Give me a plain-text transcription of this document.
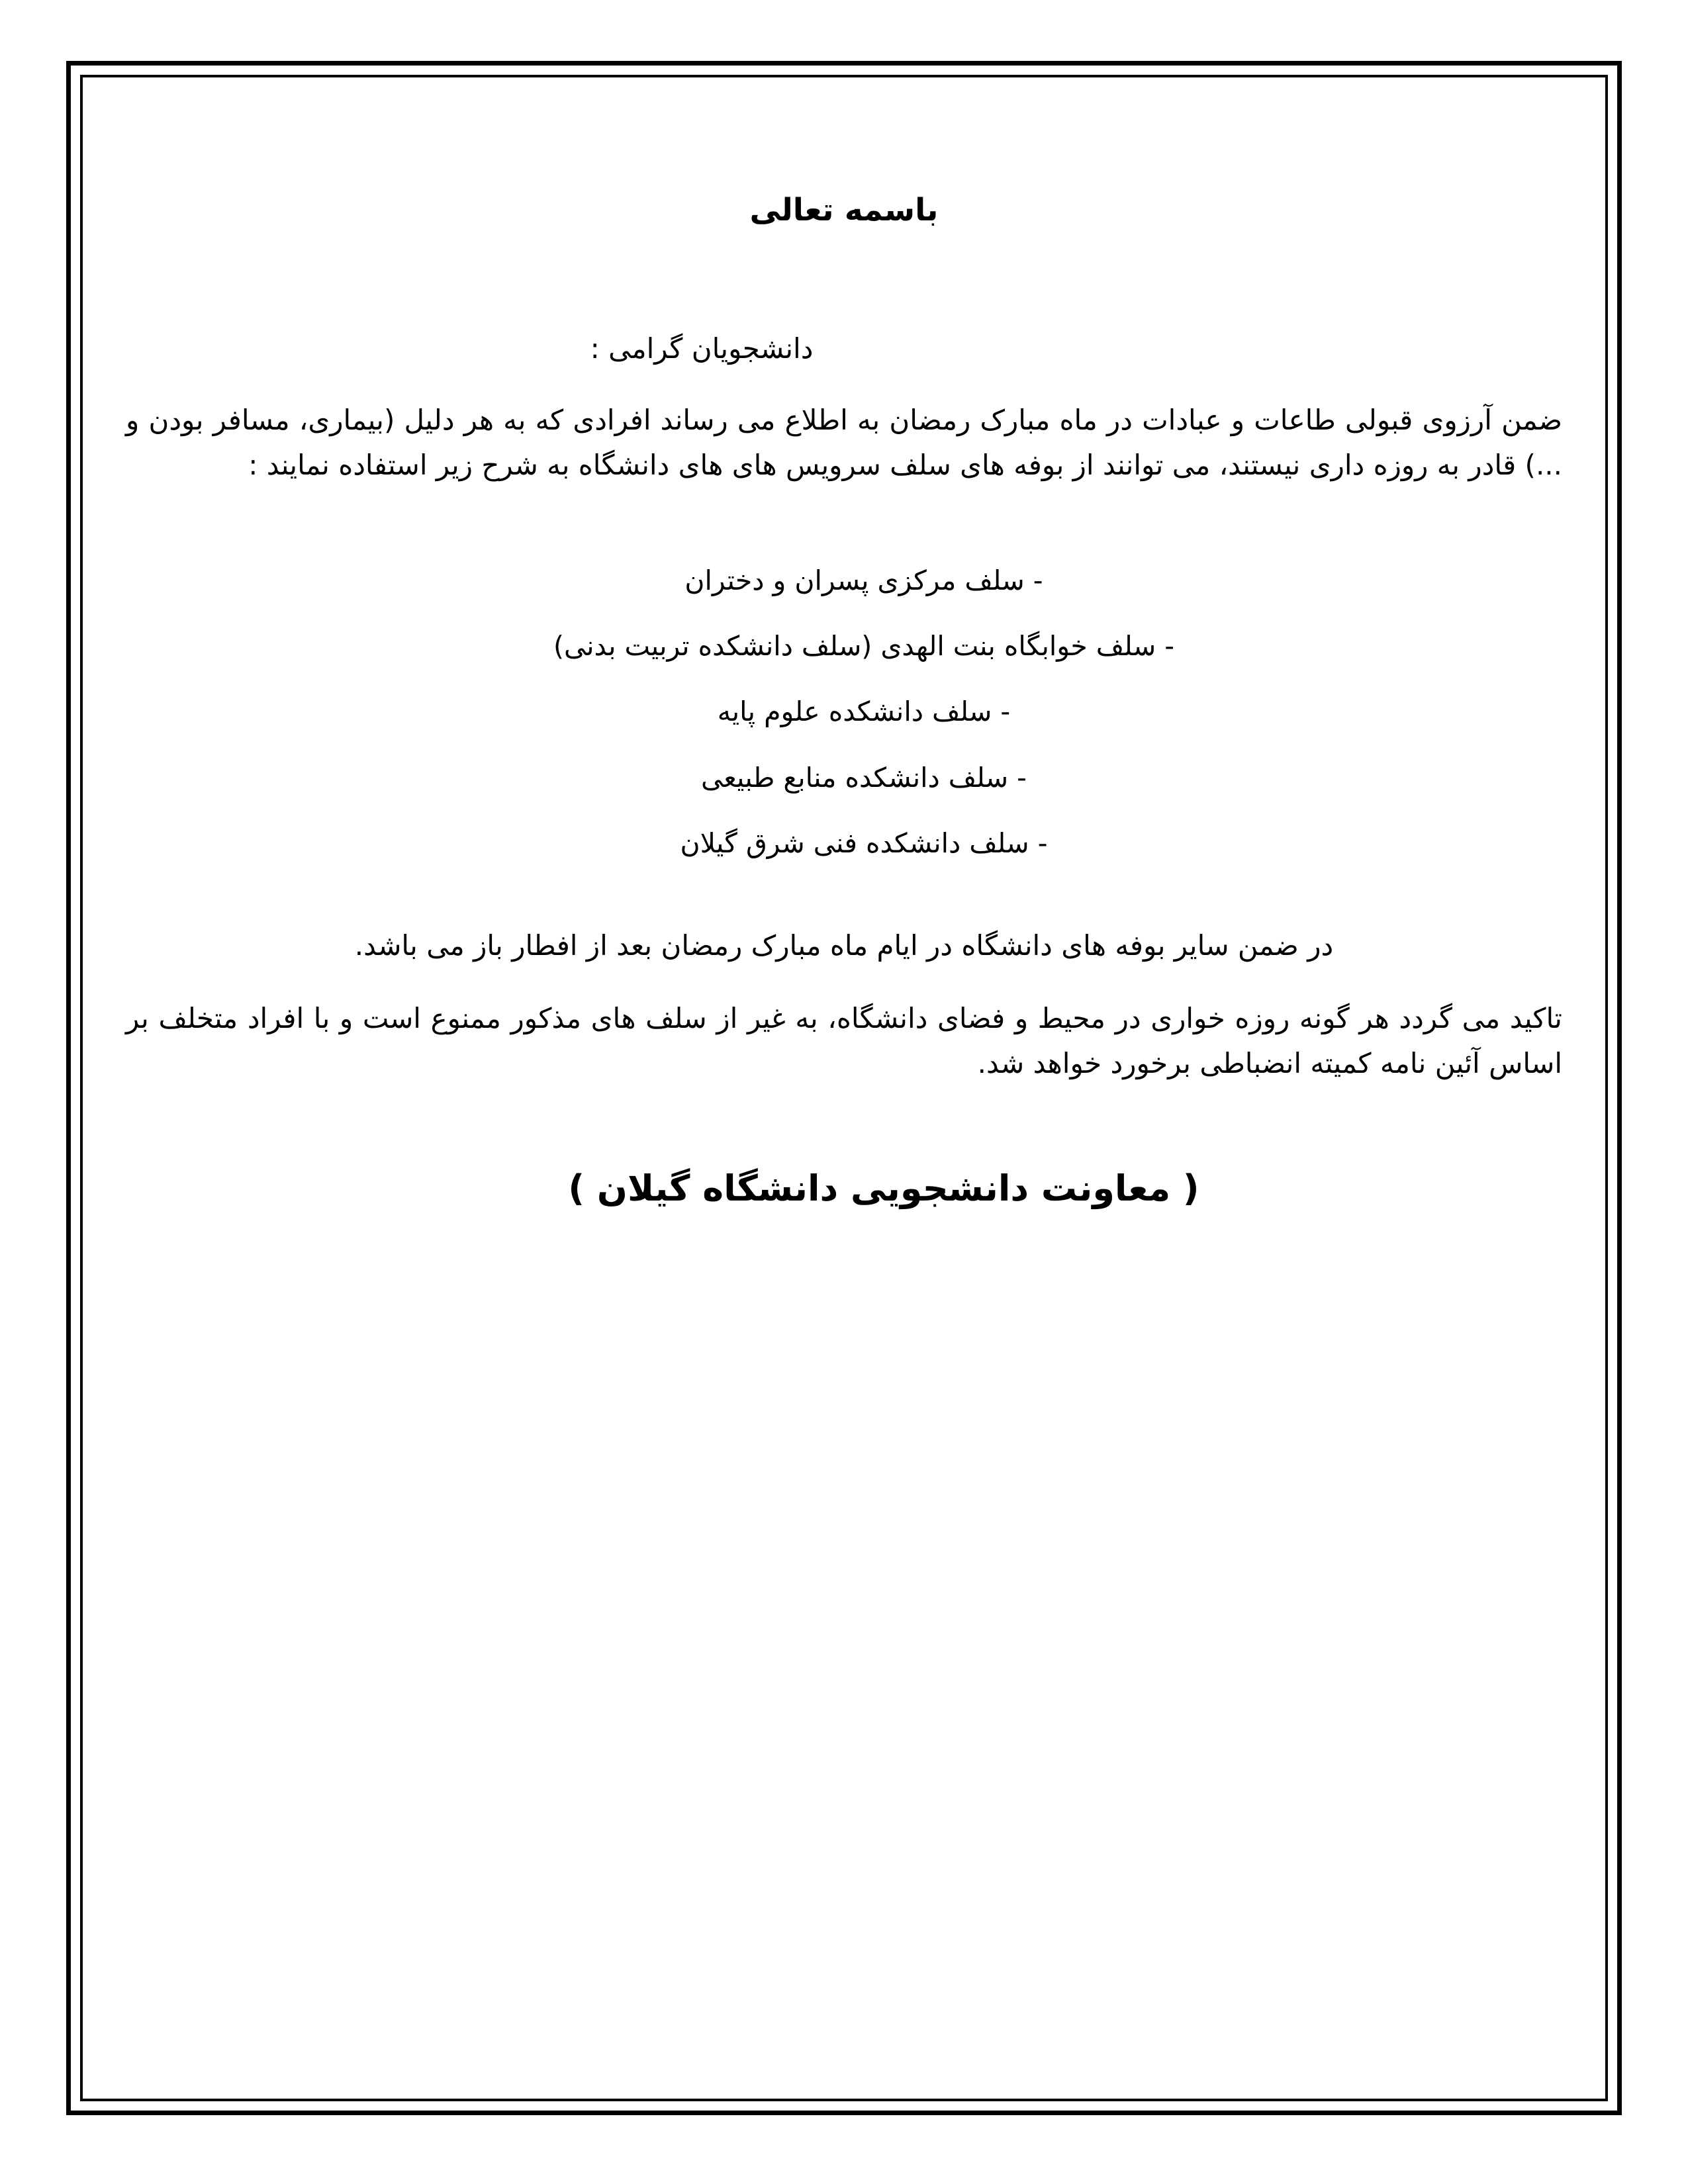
باسمه تعالی

دانشجویان گرامی :

ضمن آرزوی قبولی طاعات و عبادات در ماه مبارک رمضان به اطلاع می رساند افرادی که به هر دلیل (بیماری، مسافر بودن و ...) قادر به روزه داری نیستند، می توانند از بوفه های سلف سرویس های های دانشگاه به شرح زیر استفاده نمایند :

- سلف مرکزی پسران و دختران
- سلف خوابگاه بنت الهدی (سلف دانشکده تربیت بدنی)
- سلف دانشکده علوم پایه
- سلف دانشکده منابع طبیعی
- سلف دانشکده فنی شرق گیلان

در ضمن سایر بوفه های دانشگاه در ایام ماه مبارک رمضان بعد از افطار باز می باشد.

تاکید می گردد هر گونه روزه خواری در محیط و فضای دانشگاه، به غیر از سلف های مذکور ممنوع است و با افراد متخلف بر اساس آئین نامه کمیته انضباطی برخورد خواهد شد.

( معاونت دانشجویی دانشگاه گیلان )
